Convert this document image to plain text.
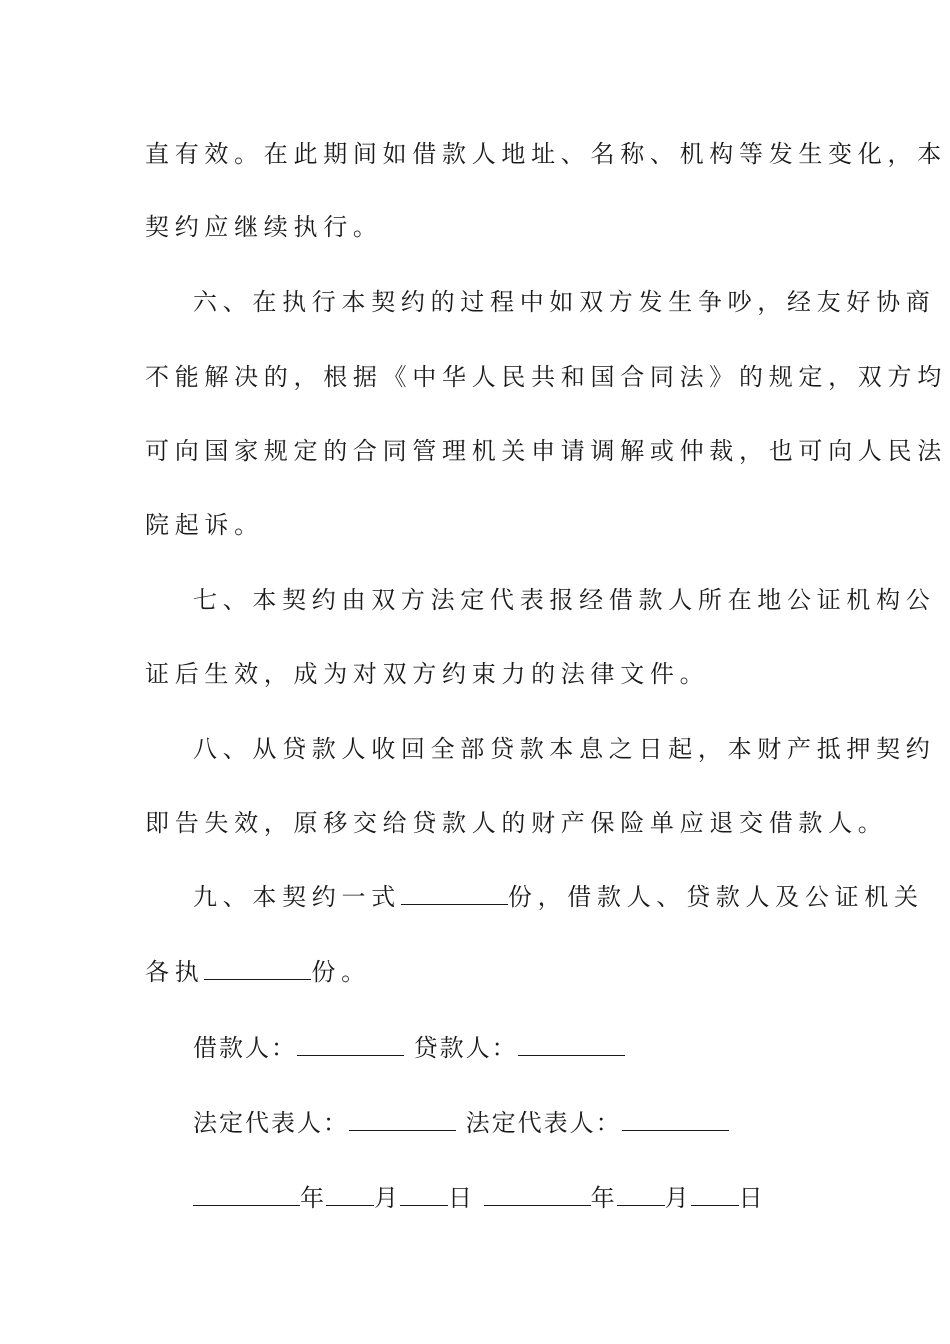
直有效。在此期间如借款人地址、名称、机构等发生变化，本
契约应继续执行。
六、在执行本契约的过程中如双方发生争吵，经友好协商
不能解决的，根据《中华人民共和国合同法》的规定，双方均
可向国家规定的合同管理机关申请调解或仲裁，也可向人民法
院起诉。
七、本契约由双方法定代表报经借款人所在地公证机构公
证后生效，成为对双方约束力的法律文件。
八、从贷款人收回全部贷款本息之日起，本财产抵押契约
即告失效，原移交给贷款人的财产保险单应退交借款人。
九、本契约一式	份，借款人、贷款人及公证机关
各执	份。
借款人：	贷款人：
法定代表人：	法定代表人：
年 月 日	年 月 日
